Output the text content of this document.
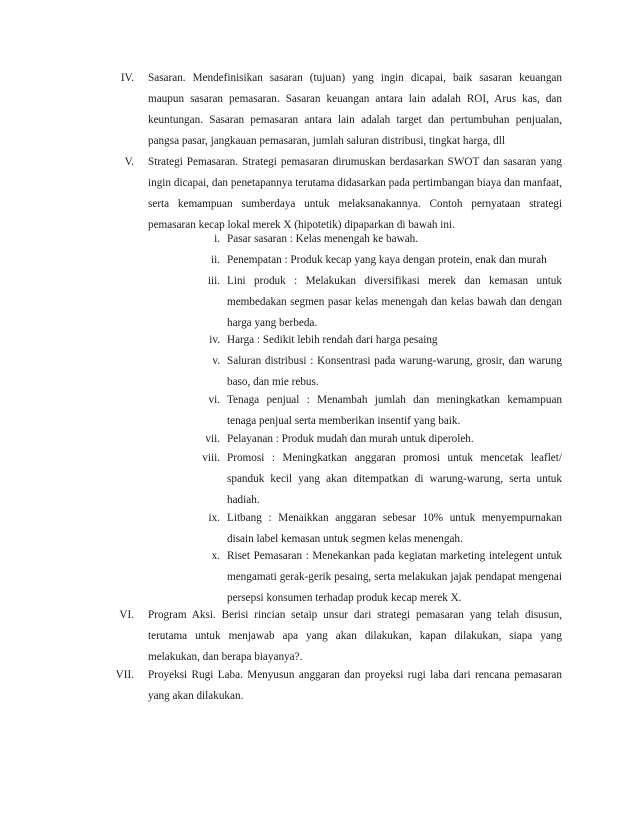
IV. Sasaran. Mendefinisikan sasaran (tujuan) yang ingin dicapai, baik sasaran keuangan maupun sasaran pemasaran. Sasaran keuangan antara lain adalah ROI, Arus kas, dan keuntungan. Sasaran pemasaran antara lain adalah target dan pertumbuhan penjualan, pangsa pasar, jangkauan pemasaran, jumlah saluran distribusi, tingkat harga, dll
V. Strategi Pemasaran. Strategi pemasaran dirumuskan berdasarkan SWOT dan sasaran yang ingin dicapai, dan penetapannya terutama didasarkan pada pertimbangan biaya dan manfaat, serta kemampuan sumberdaya untuk melaksanakannya. Contoh pernyataan strategi pemasaran kecap lokal merek X (hipotetik) dipaparkan di bawah ini.
i. Pasar sasaran : Kelas menengah ke bawah.
ii. Penempatan : Produk kecap yang kaya dengan protein, enak dan murah
iii. Lini produk : Melakukan diversifikasi merek dan kemasan untuk membedakan segmen pasar kelas menengah dan kelas bawah dan dengan harga yang berbeda.
iv. Harga : Sedikit lebih rendah dari harga pesaing
v. Saluran distribusi : Konsentrasi pada warung-warung, grosir, dan warung baso, dan mie rebus.
vi. Tenaga penjual : Menambah jumlah dan meningkatkan kemampuan tenaga penjual serta memberikan insentif yang baik.
vii. Pelayanan : Produk mudah dan murah untuk diperoleh.
viii. Promosi : Meningkatkan anggaran promosi untuk mencetak leaflet/ spanduk kecil yang akan ditempatkan di warung-warung, serta untuk hadiah.
ix. Litbang : Menaikkan anggaran sebesar 10% untuk menyempurnakan disain label kemasan untuk segmen kelas menengah.
x. Riset Pemasaran : Menekankan pada kegiatan marketing intelegent untuk mengamati gerak-gerik pesaing, serta melakukan jajak pendapat mengenai persepsi konsumen terhadap produk kecap merek X.
VI. Program Aksi. Berisi rincian setaip unsur dari strategi pemasaran yang telah disusun, terutama untuk menjawab apa yang akan dilakukan, kapan dilakukan, siapa yang melakukan, dan berapa biayanya?.
VII. Proyeksi Rugi Laba. Menyusun anggaran dan proyeksi rugi laba dari rencana pemasaran yang akan dilakukan.
